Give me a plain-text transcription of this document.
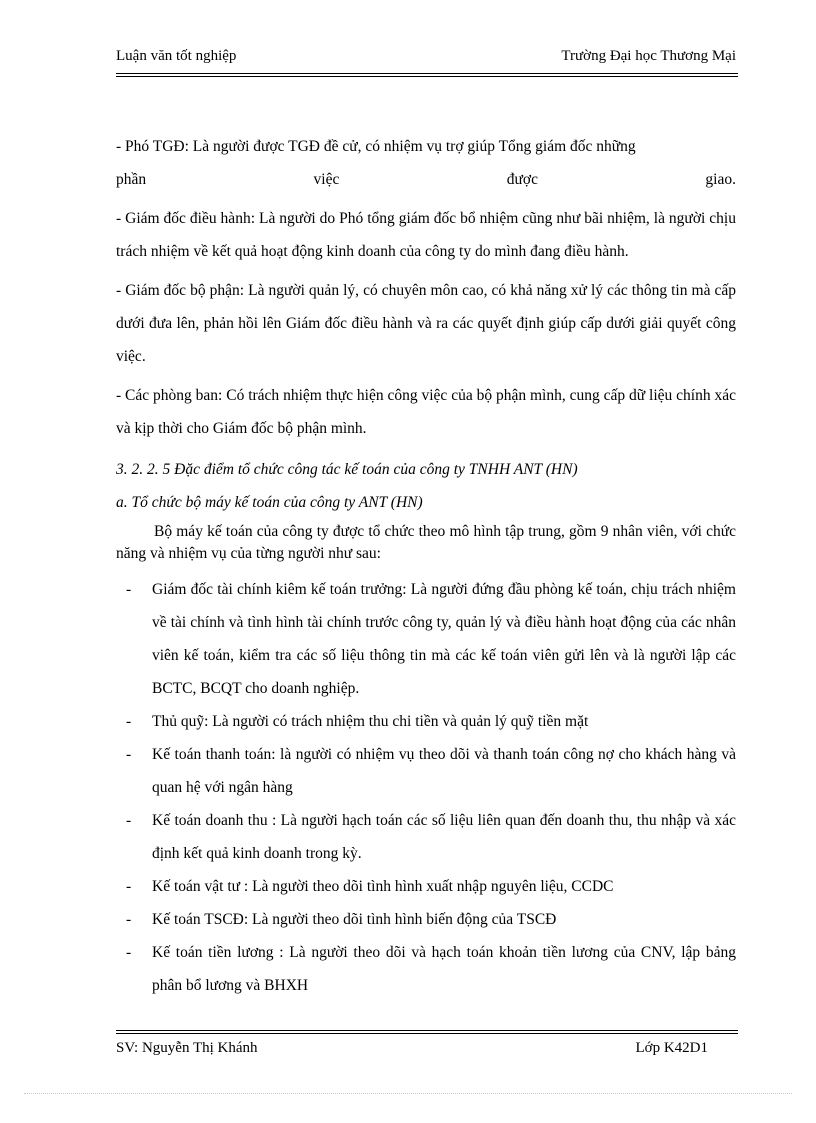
Luận văn tốt nghiệp	Trường Đại học Thương Mại

- Phó TGĐ: Là người được TGĐ đề cử, có nhiệm vụ trợ giúp Tổng giám đốc những

phần	việc	được	giao.

- Giám đốc điều hành: Là người do Phó tổng giám đốc bổ nhiệm cũng như bãi nhiệm, là người chịu trách nhiệm về kết quả hoạt động kinh doanh của công ty do mình đang điều hành.

- Giám đốc bộ phận: Là người quản lý, có chuyên môn cao, có khả năng xử lý các thông tin mà cấp dưới đưa lên, phản hồi lên Giám đốc điều hành và ra các quyết định giúp cấp dưới giải quyết công việc.

- Các phòng ban: Có trách nhiệm thực hiện công việc của bộ phận mình, cung cấp dữ liệu chính xác và kịp thời cho Giám đốc bộ phận mình.

3. 2. 2. 5 Đặc điểm tổ chức công tác kế toán của công ty TNHH ANT (HN)

a. Tổ chức bộ máy kế toán của công ty ANT (HN)

Bộ máy kế toán của công ty được tổ chức theo mô hình tập trung, gồm 9 nhân viên, với chức năng và nhiệm vụ của từng người như sau:

- Giám đốc tài chính kiêm kế toán trưởng: Là người đứng đầu phòng kế toán, chịu trách nhiệm về tài chính và tình hình tài chính trước công ty, quản lý và điều hành hoạt động của các nhân viên kế toán, kiểm tra các số liệu thông tin mà các kế toán viên gửi lên và là người lập các BCTC, BCQT cho doanh nghiệp.
- Thủ quỹ: Là người có trách nhiệm thu chi tiền và quản lý quỹ tiền mặt
- Kế toán thanh toán: là người có nhiệm vụ theo dõi và thanh toán công nợ cho khách hàng và quan hệ với ngân hàng
- Kế toán doanh thu : Là người hạch toán các số liệu liên quan đến doanh thu, thu nhập và xác định kết quả kinh doanh trong kỳ.
- Kế toán vật tư : Là người theo dõi tình hình xuất nhập nguyên liệu, CCDC
- Kế toán TSCĐ: Là người theo dõi tình hình biến động của TSCĐ
- Kế toán tiền lương : Là người theo dõi và hạch toán khoản tiền lương của CNV, lập bảng phân bổ lương và BHXH
SV: Nguyễn Thị Khánh	Lớp K42D1
